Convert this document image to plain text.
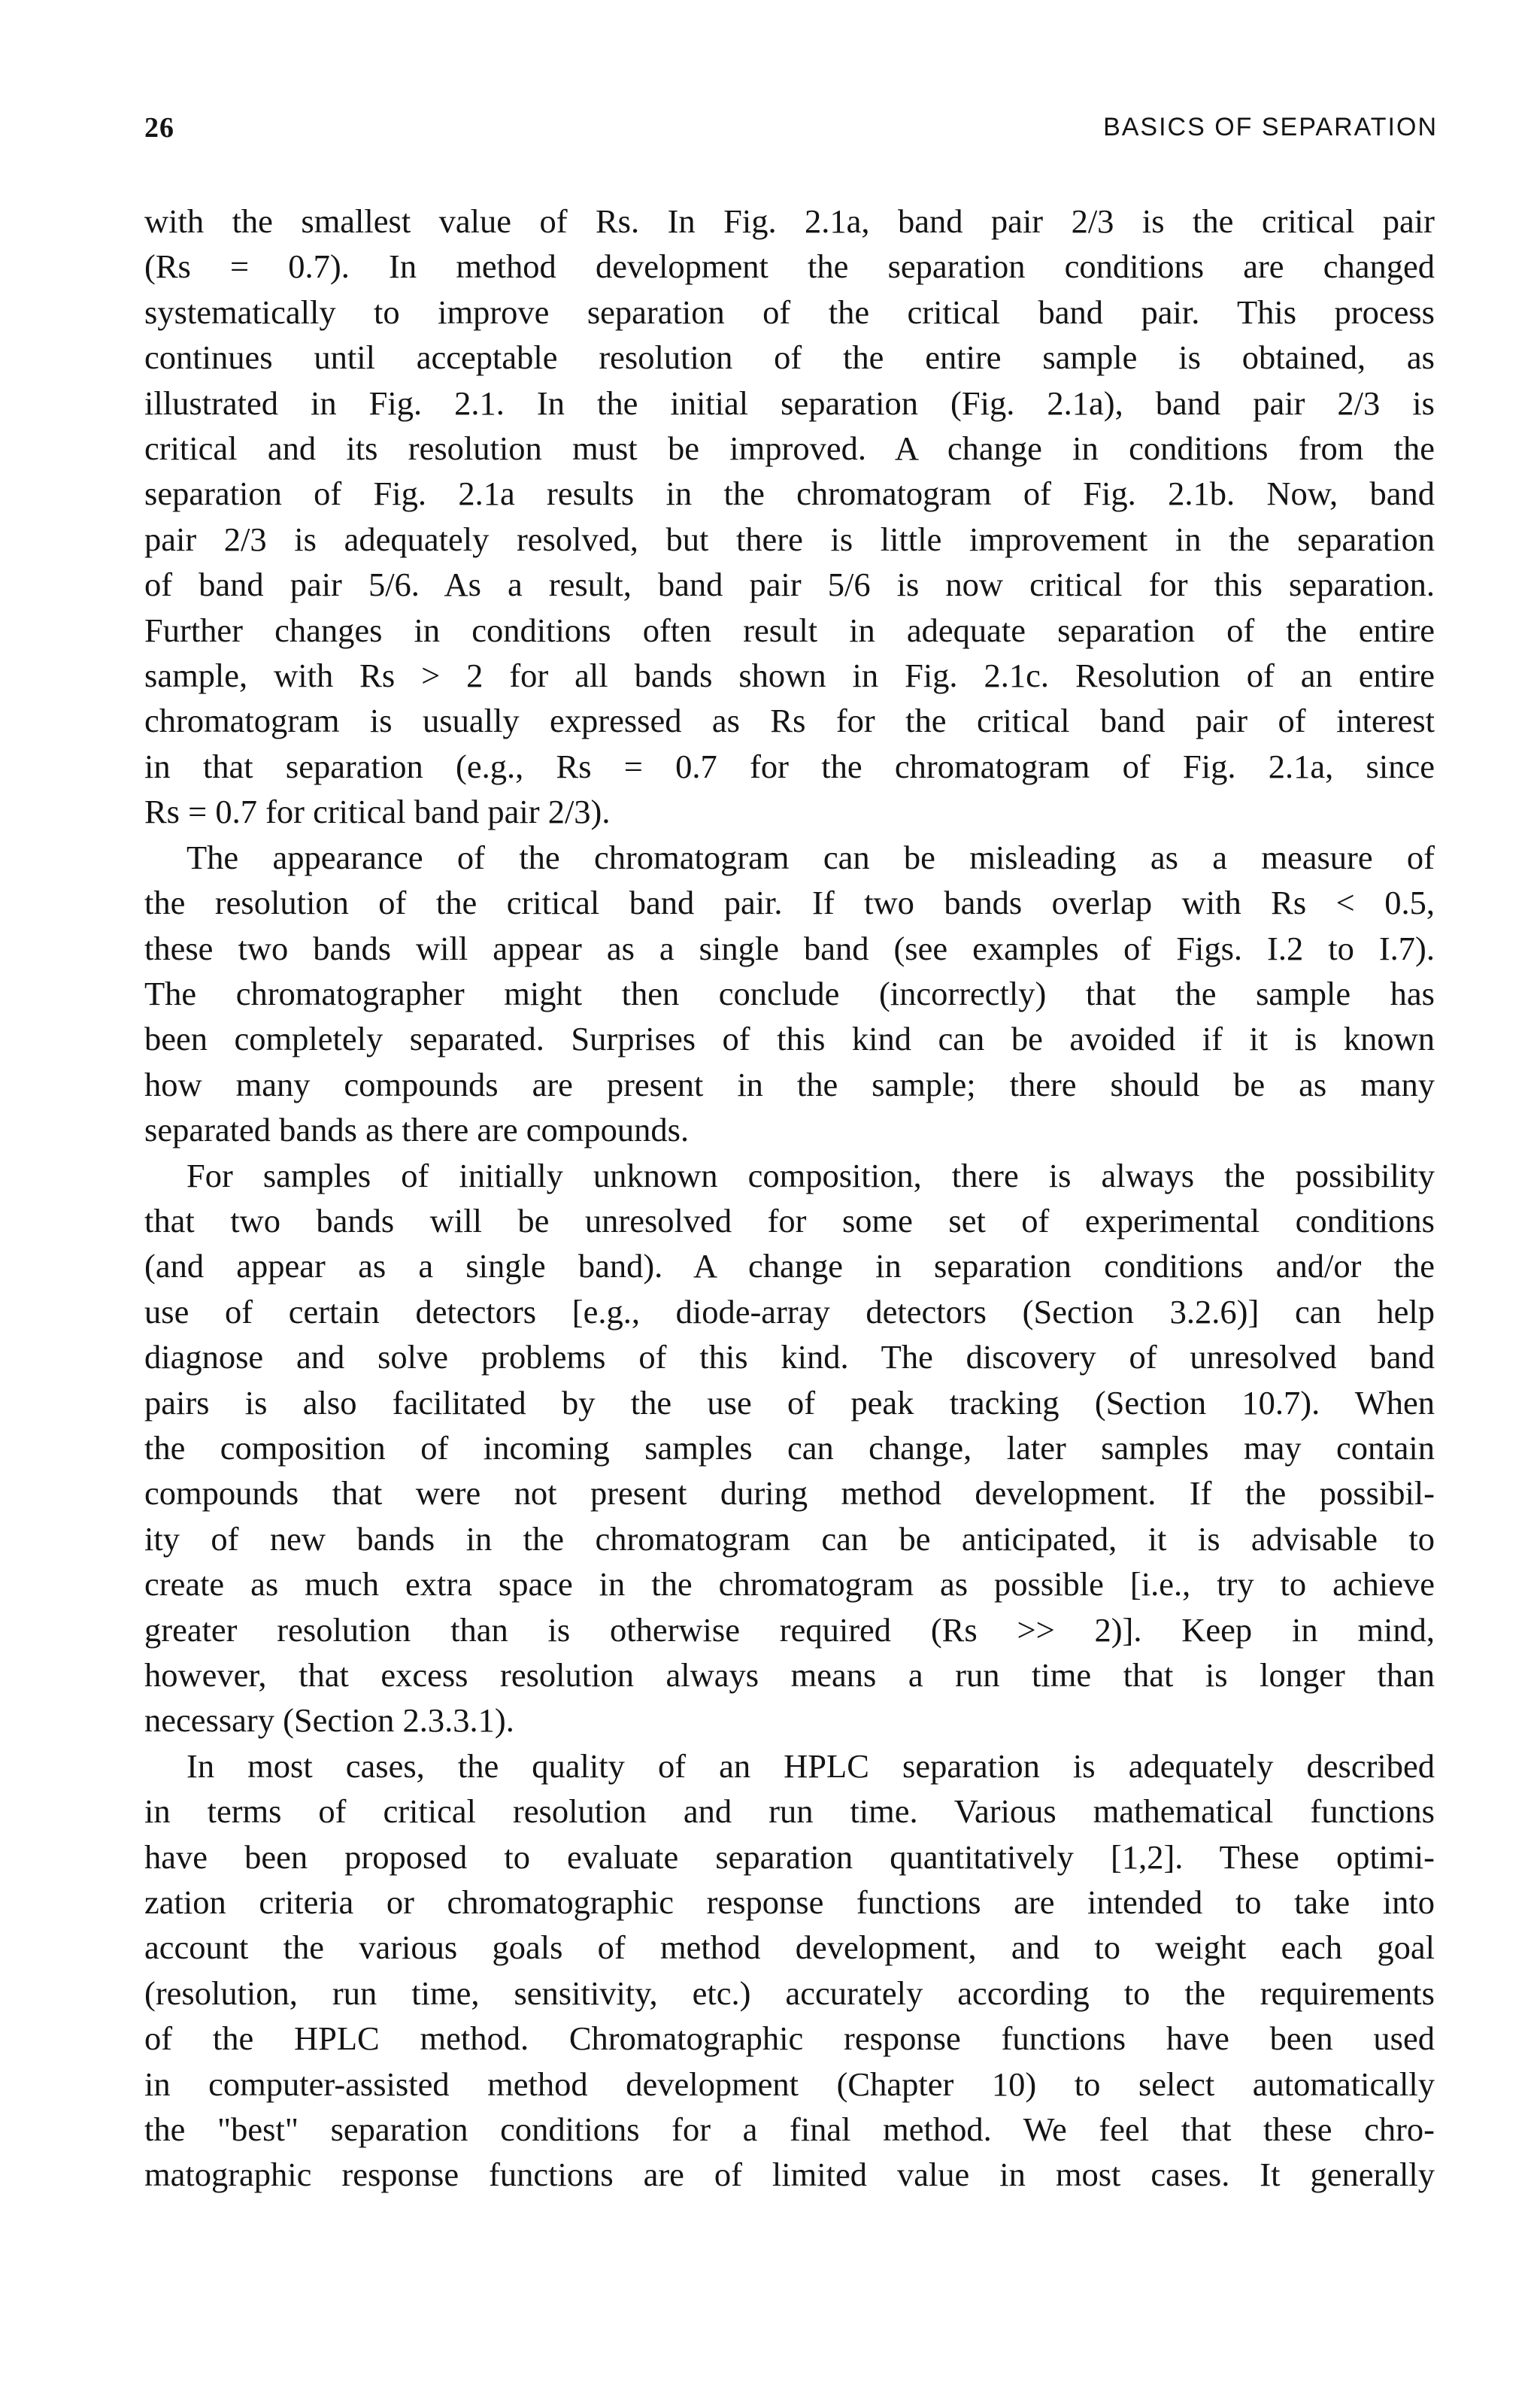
26	BASICS OF SEPARATION

with the smallest value of Rs. In Fig. 2.1a, band pair 2/3 is the critical pair
(Rs = 0.7). In method development the separation conditions are changed
systematically to improve separation of the critical band pair. This process
continues until acceptable resolution of the entire sample is obtained, as
illustrated in Fig. 2.1. In the initial separation (Fig. 2.1a), band pair 2/3 is
critical and its resolution must be improved. A change in conditions from the
separation of Fig. 2.1a results in the chromatogram of Fig. 2.1b. Now, band
pair 2/3 is adequately resolved, but there is little improvement in the separation
of band pair 5/6. As a result, band pair 5/6 is now critical for this separation.
Further changes in conditions often result in adequate separation of the entire
sample, with Rs > 2 for all bands shown in Fig. 2.1c. Resolution of an entire
chromatogram is usually expressed as Rs for the critical band pair of interest
in that separation (e.g., Rs = 0.7 for the chromatogram of Fig. 2.1a, since
Rs = 0.7 for critical band pair 2/3).

The appearance of the chromatogram can be misleading as a measure of
the resolution of the critical band pair. If two bands overlap with Rs < 0.5,
these two bands will appear as a single band (see examples of Figs. I.2 to I.7).
The chromatographer might then conclude (incorrectly) that the sample has
been completely separated. Surprises of this kind can be avoided if it is known
how many compounds are present in the sample; there should be as many
separated bands as there are compounds.

For samples of initially unknown composition, there is always the possibility
that two bands will be unresolved for some set of experimental conditions
(and appear as a single band). A change in separation conditions and/or the
use of certain detectors [e.g., diode-array detectors (Section 3.2.6)] can help
diagnose and solve problems of this kind. The discovery of unresolved band
pairs is also facilitated by the use of peak tracking (Section 10.7). When
the composition of incoming samples can change, later samples may contain
compounds that were not present during method development. If the possibil-
ity of new bands in the chromatogram can be anticipated, it is advisable to
create as much extra space in the chromatogram as possible [i.e., try to achieve
greater resolution than is otherwise required (Rs >> 2)]. Keep in mind,
however, that excess resolution always means a run time that is longer than
necessary (Section 2.3.3.1).

In most cases, the quality of an HPLC separation is adequately described
in terms of critical resolution and run time. Various mathematical functions
have been proposed to evaluate separation quantitatively [1,2]. These optimi-
zation criteria or chromatographic response functions are intended to take into
account the various goals of method development, and to weight each goal
(resolution, run time, sensitivity, etc.) accurately according to the requirements
of the HPLC method. Chromatographic response functions have been used
in computer-assisted method development (Chapter 10) to select automatically
the "best" separation conditions for a final method. We feel that these chro-
matographic response functions are of limited value in most cases. It generally
